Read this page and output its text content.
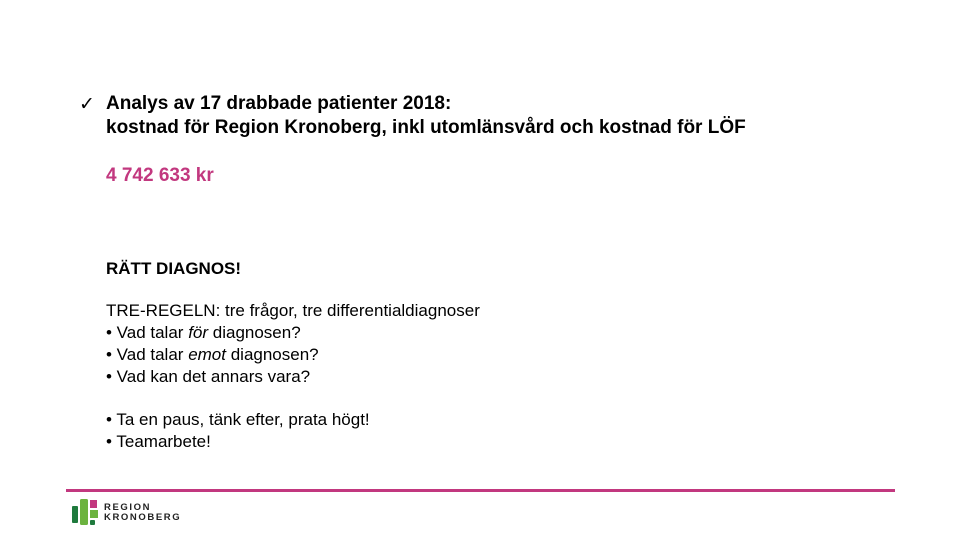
✓ Analys av 17 drabbade patienter 2018:
kostnad för Region Kronoberg, inkl utomlänsvård och kostnad för LÖF
4 742 633 kr
RÄTT DIAGNOS!
TRE-REGELN: tre frågor, tre differentialdiagnoser
• Vad talar för diagnosen?
• Vad talar emot diagnosen?
• Vad kan det annars vara?
• Ta en paus, tänk efter, prata högt!
• Teamarbete!
REGION
KRONOBERG
